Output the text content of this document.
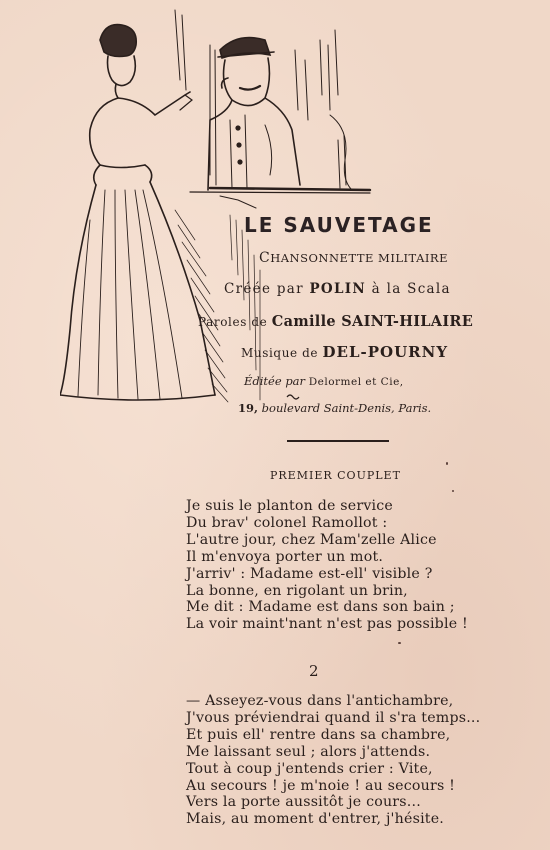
LE SAUVETAGE
CHANSONNETTE MILITAIRE
Créée par POLIN à la Scala
Paroles de Camille SAINT-HILAIRE
Musique de DEL-POURNY
Éditée par Delormel et Cie,
19, boulevard Saint-Denis, Paris.
PREMIER COUPLET
Je suis le planton de service
Du brav' colonel Ramollot :
L'autre jour, chez Mam'zelle Alice
Il m'envoya porter un mot.
J'arriv' : Madame est-ell' visible ?
La bonne, en rigolant un brin,
Me dit : Madame est dans son bain ;
La voir maint'nant n'est pas possible !
2
— Asseyez-vous dans l'antichambre,
J'vous préviendrai quand il s'ra temps...
Et puis ell' rentre dans sa chambre,
Me laissant seul ; alors j'attends.
Tout à coup j'entends crier : Vite,
Au secours ! je m'noie ! au secours !
Vers la porte aussitôt je cours...
Mais, au moment d'entrer, j'hésite.
